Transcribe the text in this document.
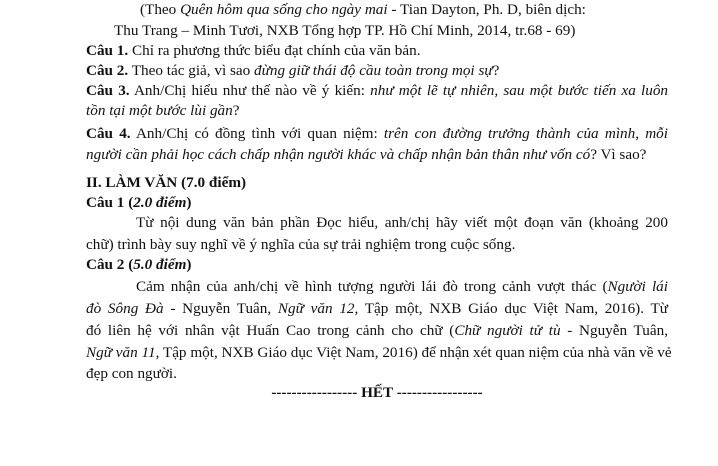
(Theo Quên hôm qua sống cho ngày mai - Tian Dayton, Ph. D, biên dịch:

Thu Trang – Minh Tươi, NXB Tổng hợp TP. Hồ Chí Minh, 2014, tr.68 - 69)

Câu 1. Chỉ ra phương thức biểu đạt chính của văn bản.

Câu 2. Theo tác giả, vì sao đừng giữ thái độ cầu toàn trong mọi sự?

Câu 3. Anh/Chị hiểu như thế nào về ý kiến: như một lẽ tự nhiên, sau một bước tiến xa luôn

tồn tại một bước lùi gần?

Câu 4. Anh/Chị có đồng tình với quan niệm: trên con đường trưởng thành của mình, mỗi

người cần phải học cách chấp nhận người khác và chấp nhận bản thân như vốn có? Vì sao?

II. LÀM VĂN (7.0 điểm)

Câu 1 (2.0 điểm)

Từ nội dung văn bản phần Đọc hiểu, anh/chị hãy viết một đoạn văn (khoảng 200

chữ) trình bày suy nghĩ về ý nghĩa của sự trải nghiệm trong cuộc sống.

Câu 2 (5.0 điểm)

Cảm nhận của anh/chị về hình tượng người lái đò trong cảnh vượt thác (Người lái

đò Sông Đà - Nguyễn Tuân, Ngữ văn 12, Tập một, NXB Giáo dục Việt Nam, 2016). Từ

đó liên hệ với nhân vật Huấn Cao trong cảnh cho chữ (Chữ người tử tù - Nguyễn Tuân,

Ngữ văn 11, Tập một, NXB Giáo dục Việt Nam, 2016) để nhận xét quan niệm của nhà văn về vẻ

đẹp con người.

----------------- HẾT -----------------
